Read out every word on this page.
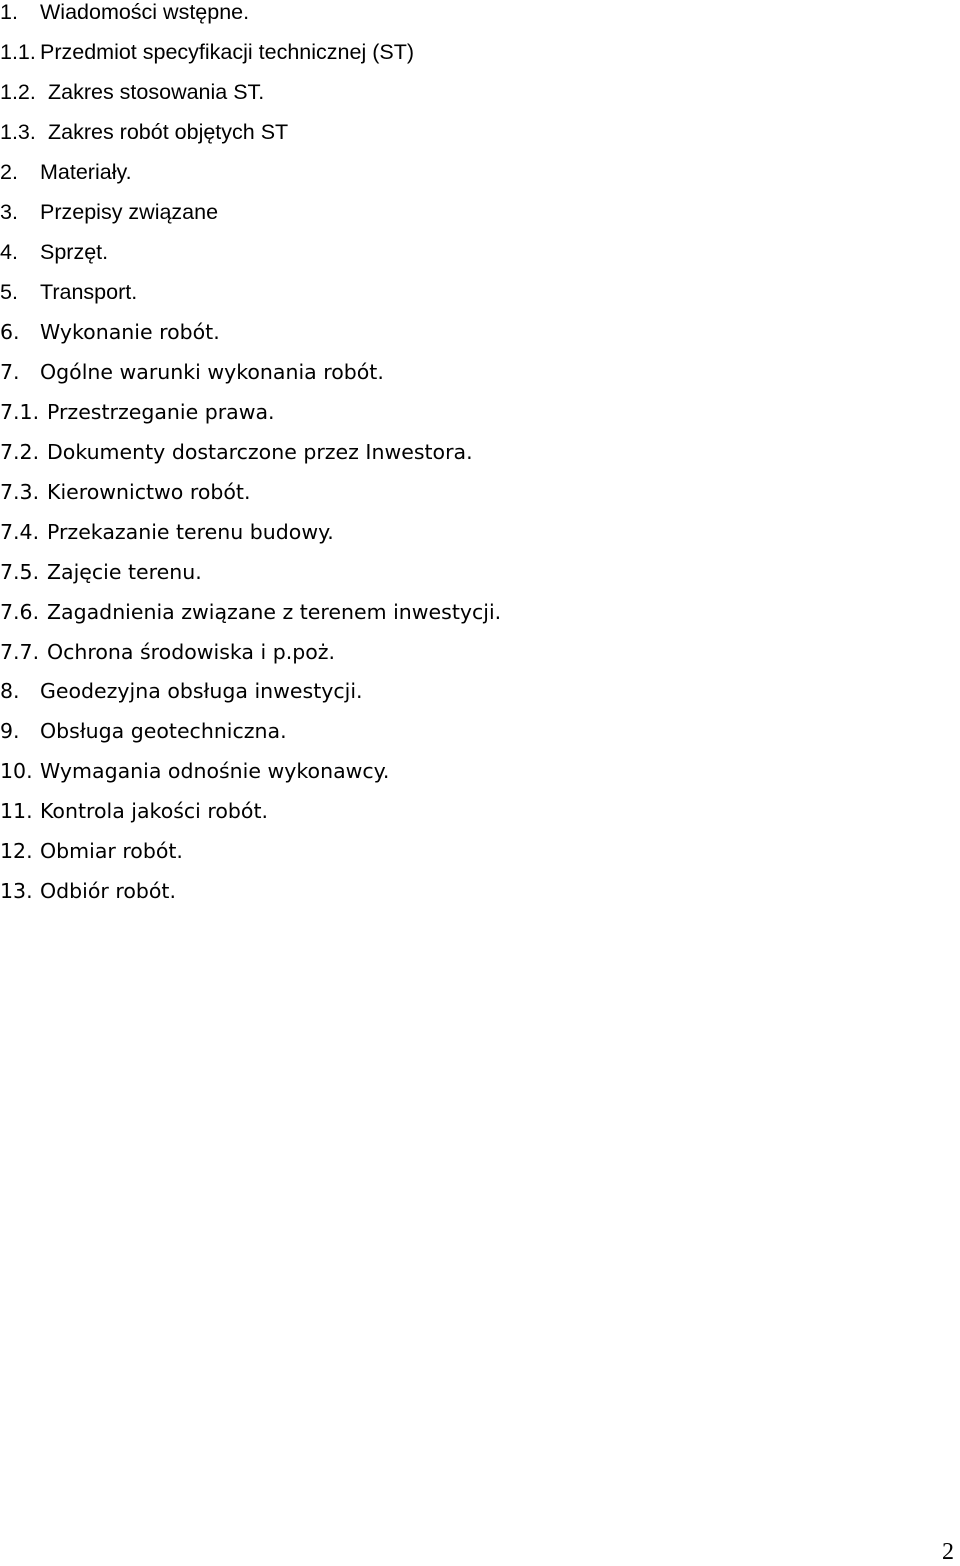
1. Wiadomości wstępne.
1.1. Przedmiot specyfikacji technicznej (ST)
1.2. Zakres stosowania ST.
1.3. Zakres robót objętych ST
2. Materiały.
3. Przepisy związane
4. Sprzęt.
5. Transport.
6. Wykonanie robót.
7. Ogólne warunki wykonania robót.
7.1. Przestrzeganie prawa.
7.2. Dokumenty dostarczone przez Inwestora.
7.3. Kierownictwo robót.
7.4. Przekazanie terenu budowy.
7.5. Zajęcie terenu.
7.6. Zagadnienia związane z terenem inwestycji.
7.7. Ochrona środowiska i p.poż.
8. Geodezyjna obsługa inwestycji.
9. Obsługa geotechniczna.
10. Wymagania odnośnie wykonawcy.
11. Kontrola jakości robót.
12. Obmiar robót.
13. Odbiór robót.
2
